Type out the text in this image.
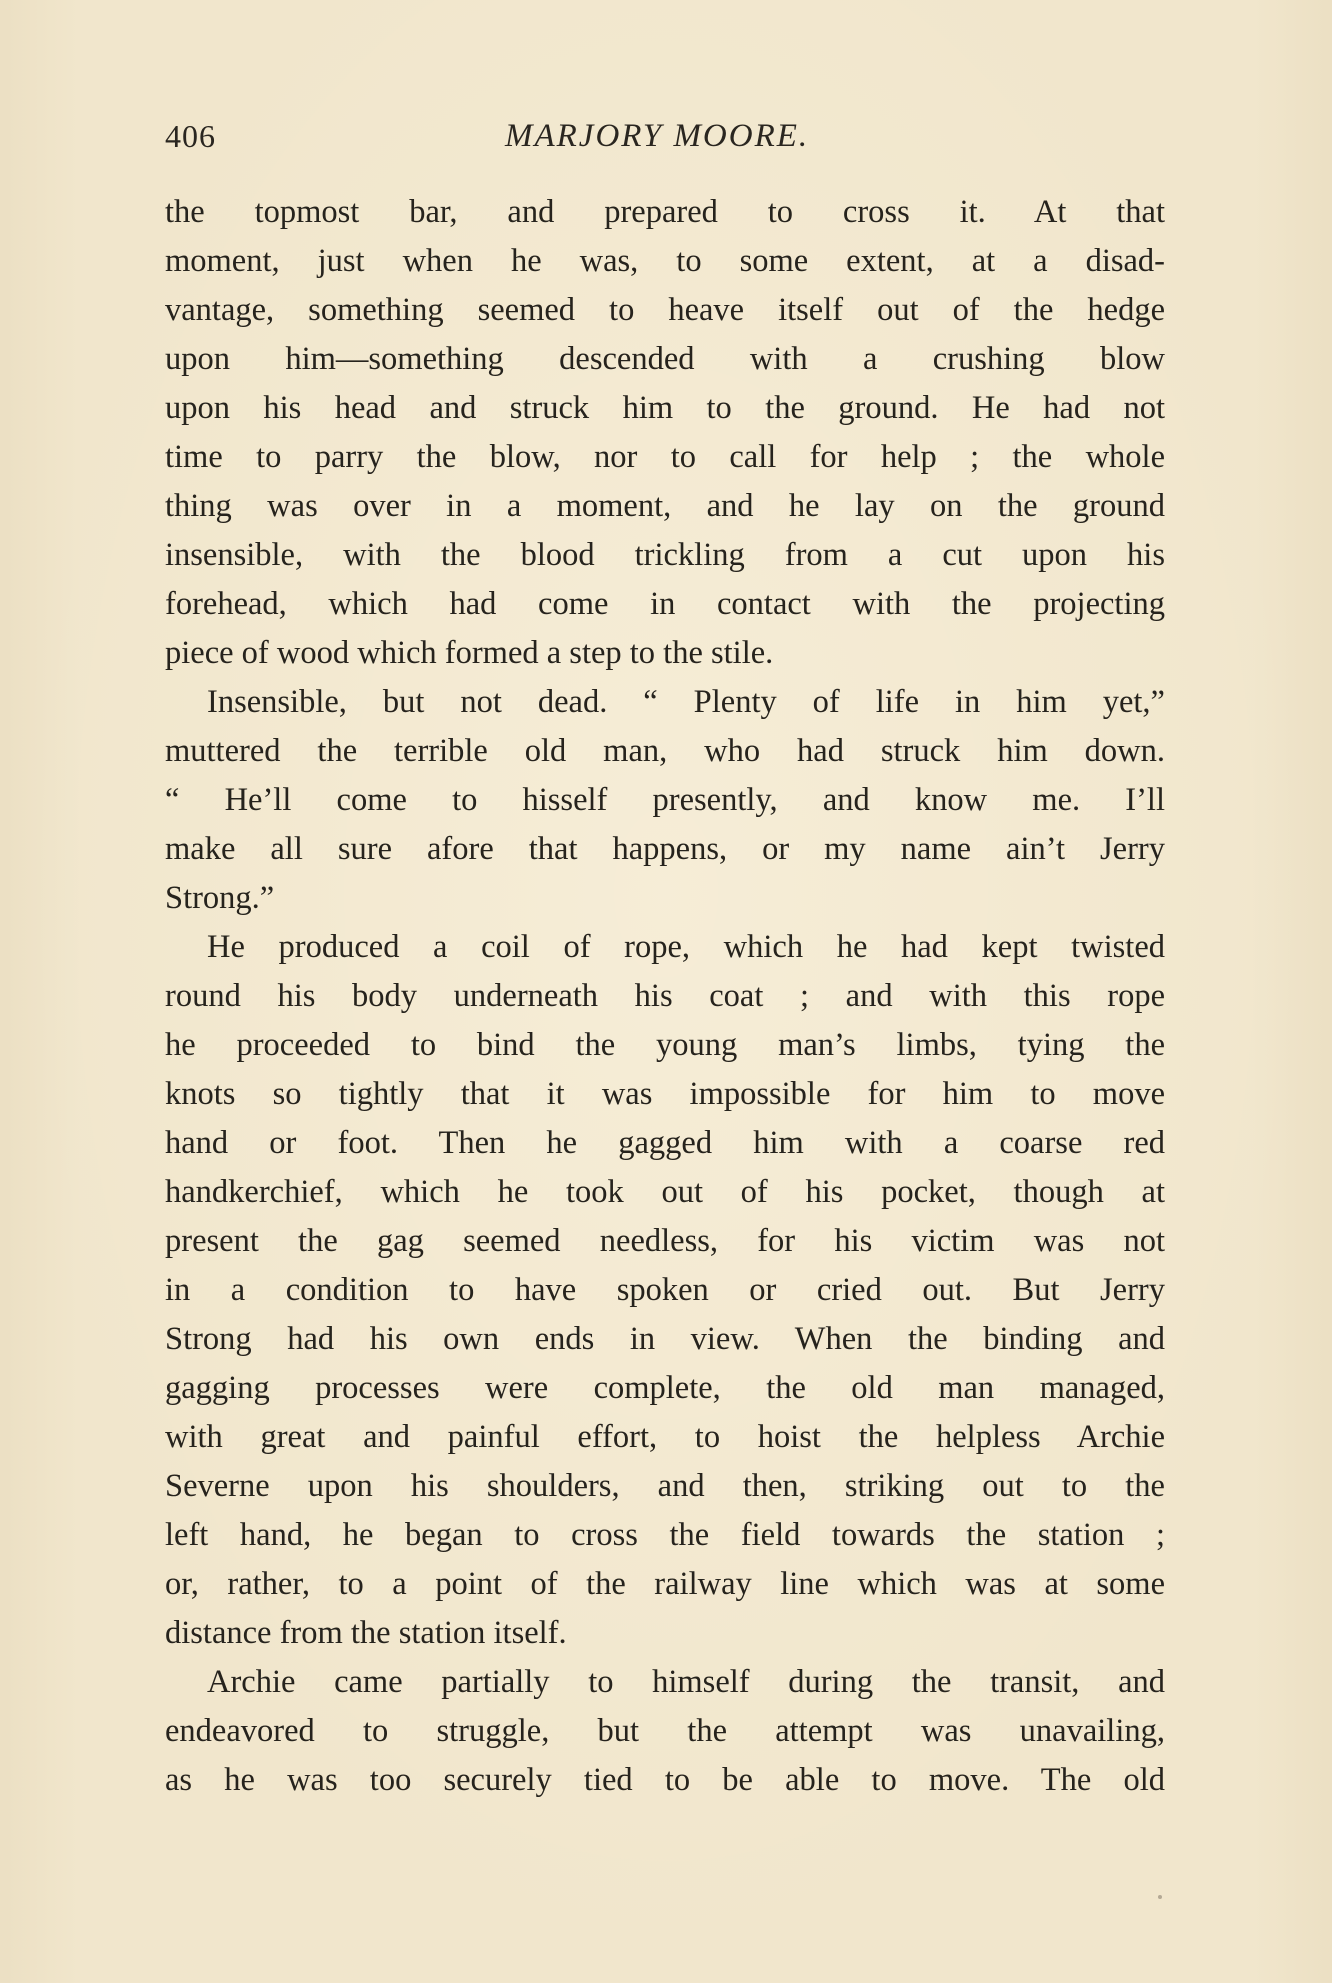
406	MARJORY MOORE.
the topmost bar, and prepared to cross it. At that
moment, just when he was, to some extent, at a disad-
vantage, something seemed to heave itself out of the hedge
upon him—something descended with a crushing blow
upon his head and struck him to the ground. He had not
time to parry the blow, nor to call for help ; the whole
thing was over in a moment, and he lay on the ground
insensible, with the blood trickling from a cut upon his
forehead, which had come in contact with the projecting
piece of wood which formed a step to the stile.
Insensible, but not dead. “ Plenty of life in him yet,”
muttered the terrible old man, who had struck him down.
“ He’ll come to hisself presently, and know me. I’ll
make all sure afore that happens, or my name ain’t Jerry
Strong.”
He produced a coil of rope, which he had kept twisted
round his body underneath his coat ; and with this rope
he proceeded to bind the young man’s limbs, tying the
knots so tightly that it was impossible for him to move
hand or foot. Then he gagged him with a coarse red
handkerchief, which he took out of his pocket, though at
present the gag seemed needless, for his victim was not
in a condition to have spoken or cried out. But Jerry
Strong had his own ends in view. When the binding and
gagging processes were complete, the old man managed,
with great and painful effort, to hoist the helpless Archie
Severne upon his shoulders, and then, striking out to the
left hand, he began to cross the field towards the station ;
or, rather, to a point of the railway line which was at some
distance from the station itself.
Archie came partially to himself during the transit, and
endeavored to struggle, but the attempt was unavailing,
as he was too securely tied to be able to move. The old
